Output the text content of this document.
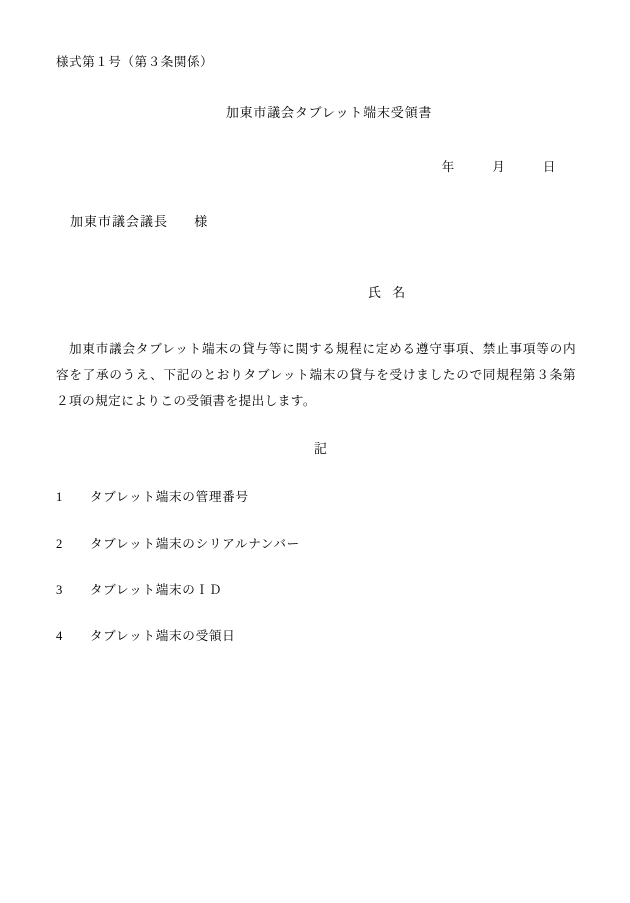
様式第１号（第３条関係）
加東市議会タブレット端末受領書
年	月	日
加東市議会議長 様
氏 名

加東市議会タブレット端末の貸与等に関する規程に定める遵守事項、禁止事項等の内容を了承のうえ、下記のとおりタブレット端末の貸与を受けましたので同規程第３条第２項の規定によりこの受領書を提出します。

記
1 タブレット端末の管理番号
2 タブレット端末のシリアルナンバー
3 タブレット端末のＩＤ
4 タブレット端末の受領日
